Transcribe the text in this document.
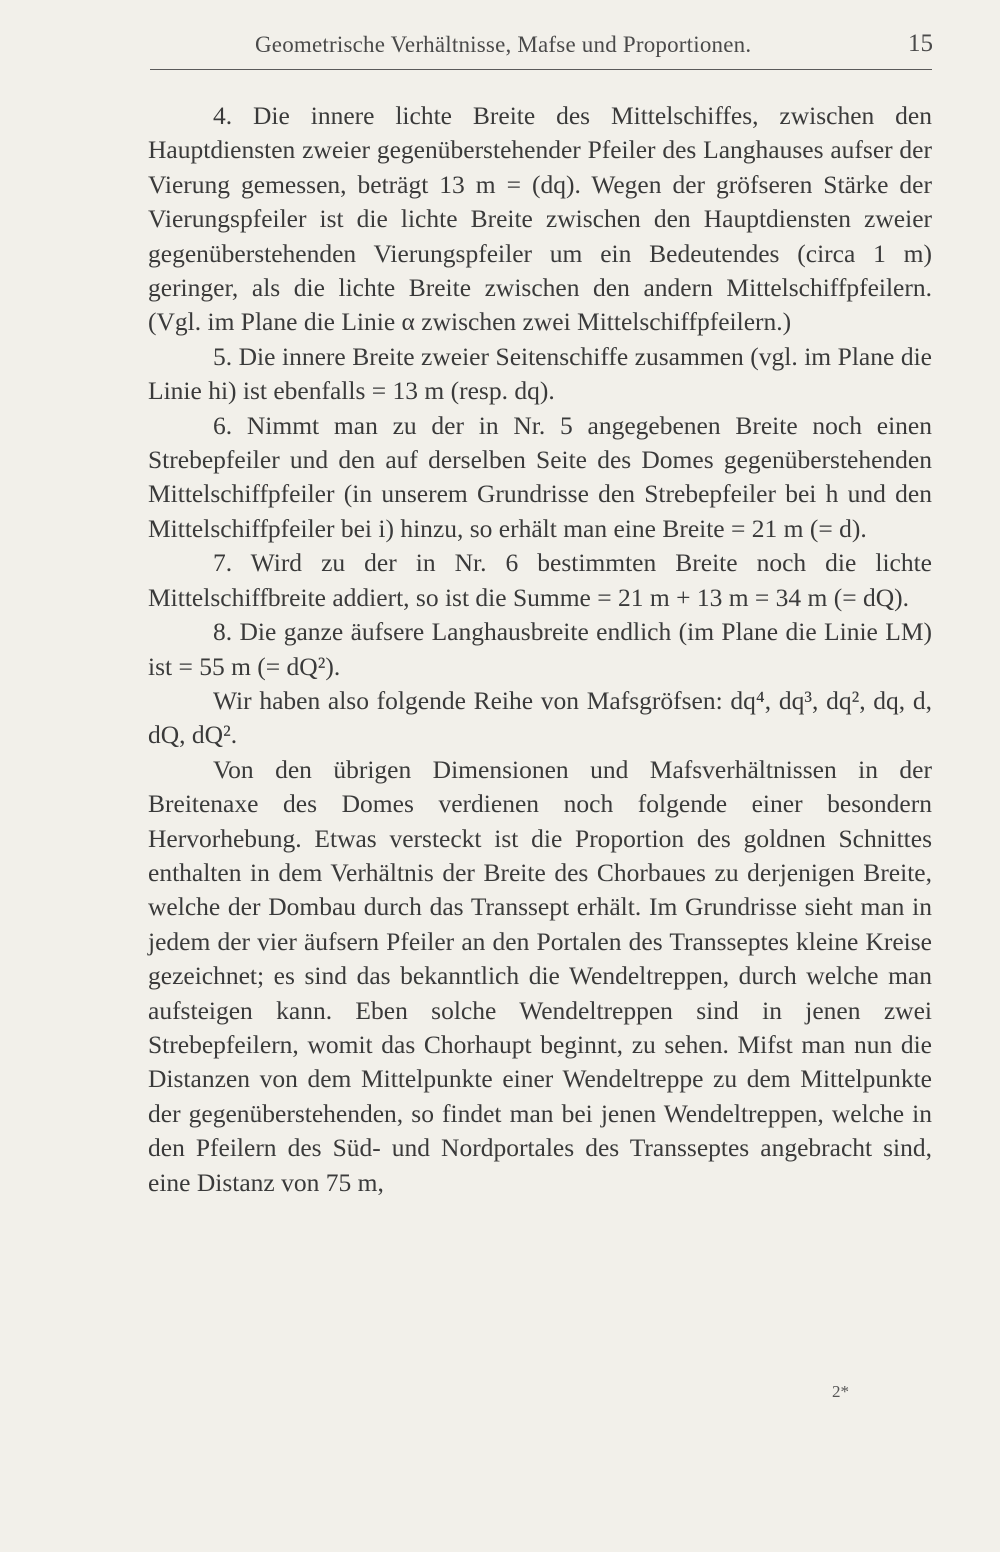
Geometrische Verhältnisse, Mafse und Proportionen.	15

4. Die innere lichte Breite des Mittelschiffes, zwischen den Hauptdiensten zweier gegenüberstehender Pfeiler des Langhauses aufser der Vierung gemessen, beträgt 13 m = (dq). Wegen der gröfseren Stärke der Vierungspfeiler ist die lichte Breite zwischen den Hauptdiensten zweier gegenüberstehenden Vierungspfeiler um ein Bedeutendes (circa 1 m) geringer, als die lichte Breite zwischen den andern Mittelschiffpfeilern. (Vgl. im Plane die Linie α zwischen zwei Mittelschiffpfeilern.)

5. Die innere Breite zweier Seitenschiffe zusammen (vgl. im Plane die Linie hi) ist ebenfalls = 13 m (resp. dq).

6. Nimmt man zu der in Nr. 5 angegebenen Breite noch einen Strebepfeiler und den auf derselben Seite des Domes gegenüberstehenden Mittelschiffpfeiler (in unserem Grundrisse den Strebepfeiler bei h und den Mittelschiffpfeiler bei i) hinzu, so erhält man eine Breite = 21 m (= d).

7. Wird zu der in Nr. 6 bestimmten Breite noch die lichte Mittelschiffbreite addiert, so ist die Summe = 21 m + 13 m = 34 m (= dQ).

8. Die ganze äufsere Langhausbreite endlich (im Plane die Linie LM) ist = 55 m (= dQ²).

Wir haben also folgende Reihe von Mafsgröfsen: dq⁴, dq³, dq², dq, d, dQ, dQ².

Von den übrigen Dimensionen und Mafsverhältnissen in der Breitenaxe des Domes verdienen noch folgende einer besondern Hervorhebung. Etwas versteckt ist die Proportion des goldnen Schnittes enthalten in dem Verhältnis der Breite des Chorbaues zu derjenigen Breite, welche der Dombau durch das Transsept erhält. Im Grundrisse sieht man in jedem der vier äufsern Pfeiler an den Portalen des Transseptes kleine Kreise gezeichnet; es sind das bekanntlich die Wendeltreppen, durch welche man aufsteigen kann. Eben solche Wendeltreppen sind in jenen zwei Strebepfeilern, womit das Chorhaupt beginnt, zu sehen. Mifst man nun die Distanzen von dem Mittelpunkte einer Wendeltreppe zu dem Mittelpunkte der gegenüberstehenden, so findet man bei jenen Wendeltreppen, welche in den Pfeilern des Süd- und Nordportales des Transseptes angebracht sind, eine Distanz von 75 m,

2*
